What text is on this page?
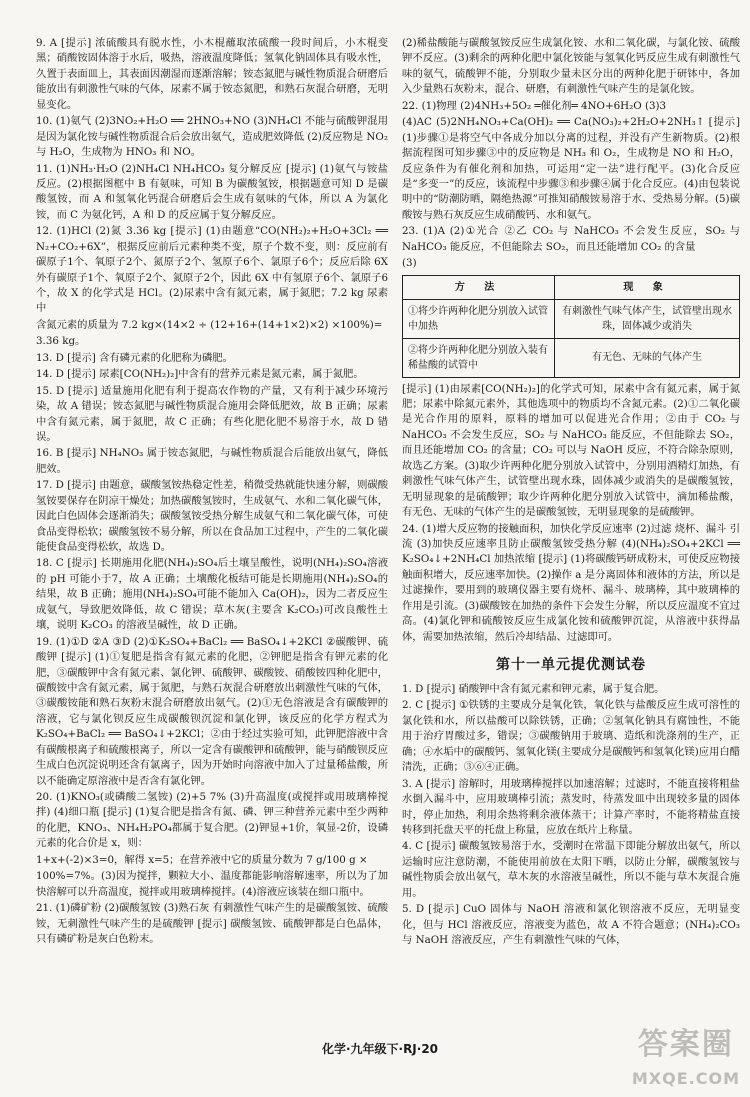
9. A [提示] 浓硫酸具有脱水性，小木棍蘸取浓硫酸一段时间后，小木棍变黑；硝酸铵固体溶于水后，吸热，溶液温度降低；氢氧化钠固体具有吸水性，久置于表面皿上，其表面因潮湿而逐渐溶解；铵态氮肥与碱性物质混合研磨后能放出有刺激性气味的气体，尿素不属于铵态氮肥，和熟石灰混合研磨，无明显变化。

10. (1)氨气 (2)3NO₂+H₂O ══ 2HNO₃+NO (3)NH₄Cl 不能与硫酸钾混用是因为氯化铵与碱性物质混合后会放出氨气，造成肥效降低 (2)反应物是 NO₂ 与 H₂O，生成物为 HNO₃ 和 NO。

11. (1)NH₃·H₂O (2)NH₄Cl NH₄HCO₃ 复分解反应 [提示] (1)氨气与铵盐反应。(2)根据图框中 B 有氨味，可知 B 为碳酸氢铵，根据题意可知 D 是碳酸氢铵，而 A 和氢氧化钙混合研磨后会生成有氨味的气体，所以 A 为氯化铵，而 C 为氨化钙，A 和 D 的反应属于复分解反应。

12. (1)HCl (2)氮 3.36 kg [提示] (1)由题意“CO(NH₂)₂+H₂O+3Cl₂ ══ N₂+CO₂+6X”，根据反应前后元素种类不变，原子个数不变，则：反应前有碳原子1个、氧原子2个、氮原子2个、氢原子6个、氯原子6个；反应后除 6X 外有碳原子1个、氧原子2个、氮原子2个，因此 6X 中有氢原子6个、氯原子6个，故 X 的化学式是 HCl。(2)尿素中含有氮元素，属于氮肥；7.2 kg 尿素中

含氮元素的质量为 7.2 kg×(14×2 ÷ (12+16+(14+1×2)×2) ×100%)=

3.36 kg。

13. D [提示] 含有磷元素的化肥称为磷肥。

14. D [提示] 尿素[CO(NH₂)₂]中含有的营养元素是氮元素，属于氮肥。

15. D [提示] 适量施用化肥有利于提高农作物的产量，又有利于减少环境污染，故 A 错误；铵态氮肥与碱性物质混合施用会降低肥效，故 B 正确；尿素中含有氮元素，属于氮肥，故 C 正确；有些化肥化肥不易溶于水，故 D 错误。

16. B [提示] NH₄NO₃ 属于铵态氮肥，与碱性物质混合后能放出氨气，降低肥效。

17. D [提示] 由题意，碳酸氢铵热稳定性差，稍微受热就能快速分解，则碳酸氢铵要保存在阴凉干燥处；加热碳酸氢铵时，生成氨气、水和二氧化碳气体，因此白色固体会逐渐消失；碳酸氢铵受热分解生成氨气和二氧化碳气体，可使食品变得松软；碳酸氢铵不易分解，所以在食品加工过程中，产生的二氧化碳能使食品变得松软，故选 D。

18. C [提示] 长期施用化肥(NH₄)₂SO₄后土壤呈酸性，说明(NH₄)₂SO₄溶液的 pH 可能小于7，故 A 正确；土壤酸化板结可能是长期施用(NH₄)₂SO₄的结果，故 B 正确；施用(NH₄)₂SO₄可能不能加入 Ca(OH)₂，因为二者反应生成氨气，导致肥效降低，故 C 错误；草木灰(主要含 K₂CO₃)可改良酸性土壤，说明 K₂CO₃ 的溶液呈碱性，故 D 正确。

19. (1)①D ②A ③D (2)①K₂SO₄+BaCl₂ ══ BaSO₄↓+2KCl ②碳酸钾、硫酸钾 [提示] (1)①复肥是指含有氮元素的化肥，②钾肥是指含有钾元素的化肥，③碳酸钾中含有氮元素、氯化钾、硫酸钾、碳酸铵、硝酸铵四种化肥中，碳酸铵中含有氮元素，属于氮肥，与熟石灰混合研磨放出刺激性气味的气体，③碳酸铵能和熟石灰粉末混合研磨放出氨气。(2)①无色溶液是含有碳酸钾的溶液，它与氯化钡反应生成碳酸钡沉淀和氯化钾，该反应的化学方程式为 K₂SO₄+BaCl₂ ══ BaSO₄↓+2KCl；②由于经过实验可知，此钾肥溶液中含有碳酸根离子和硫酸根离子，所以一定含有碳酸钾和硫酸钾，能与硝酸钡反应生成白色沉淀说明还含有氯离子，因为开始时向溶液中加入了过量稀盐酸，所以不能确定原溶液中是否含有氯化钾。

20. (1)KNO₃(或磷酸二氢铵) (2)+5 7% (3)升高温度(或搅拌或用玻璃棒搅拌) (4)细口瓶 [提示] (1)复合肥是指含有氮、磷、钾三种营养元素中至少两种的化肥，KNO₃、NH₄H₂PO₄都属于复合肥。(2)钾显+1价，氧显-2价，设磷元素的化合价是 x，则：

1+x+(-2)×3=0，解得 x=5；在营养液中它的质量分数为 7 g/100 g ×

100%=7%。(3)因为搅拌，颗粒大小、温度都能影响溶解速率，所以为了加快溶解可以升高温度，搅拌或用玻璃棒搅拌。(4)溶液应该装在细口瓶中。

21. (1)磷矿粉 (2)碳酸氢铵 (3)熟石灰 有刺激性气味产生的是碳酸氢铵、硫酸铵，无刺激性气味产生的是硫酸钾 [提示] 碳酸氢铵、硫酸钾都是白色晶体，只有磷矿粉是灰白色粉末。

(2)稀盐酸能与碳酸氢铵反应生成氯化铵、水和二氧化碳，与氯化铵、硫酸钾不反应。(3)剩余的两种化肥中氯化铵能与氢氧化钙反应生成有刺激性气味的氨气，硫酸钾不能，分别取少量未区分出的两种化肥于研钵中，各加入少量熟石灰粉末，混合、研磨，有刺激性气味产生的是氯化铵。

22. (1)物理 (2)4NH₃+5O₂ ═催化剂═ 4NO+6H₂O (3)3

(4)AC (5)2NH₄NO₃+Ca(OH)₂ ══ Ca(NO₃)₂+2H₂O+2NH₃↑ [提示] (1)步骤①是将空气中各成分加以分离的过程，并没有产生新物质。(2)根据流程图可知步骤③中的反应物是 NH₃ 和 O₂，生成物是 NO 和 H₂O，反应条件为有催化剂和加热，可运用“定一法”进行配平。(3)化合反应是“多变一”的反应，该流程中步骤③和步骤④属于化合反应。(4)由包装说明中的“防潮防晒，隔绝热源”可推知硝酸铵易溶于水、受热易分解。(5)碳酸铵与熟石灰反应生成硝酸钙、水和氨气。

23. (1)A (2)①光合 ②乙 CO₂ 与 NaHCO₃ 不会发生反应，SO₂ 与 NaHCO₃ 能反应，不但能除去 SO₂，而且还能增加 CO₂ 的含量

(3)

方 法	现 象
①将少许两种化肥分别放入试管中加热	有刺激性气味气体产生，试管壁出现水珠，固体减少或消失
②将少许两种化肥分别放入装有稀盐酸的试管中	有无色、无味的气体产生

[提示] (1)由尿素[CO(NH₂)₂]的化学式可知，尿素中含有氮元素，属于氮肥；尿素中除氮元素外，其他选项中的物质均不含氮元素。(2)①二氧化碳是光合作用的原料，原料的增加可以促进光合作用；②由于 CO₂ 与 NaHCO₃ 不会发生反应，SO₂ 与 NaHCO₃ 能反应，不但能除去 SO₂，而且还能增加 CO₂ 的含量；CO₂ 可以与 NaOH 反应，不符合除杂原则，故选乙方案。(3)取少许两种化肥分别放入试管中，分别用酒精灯加热，有刺激性气味气体产生，试管壁出现水珠，固体减少或消失的是碳酸氢铵，无明显现象的是硫酸钾；取少许两种化肥分别放入试管中，滴加稀盐酸，有无色、无味的气体产生的是碳酸氢铵，无明显现象的是硫酸钾。

24. (1)增大反应物的接触面积，加快化学反应速率 (2)过滤 烧杯、漏斗 引流 (3)加快反应速率且防止碳酸氢铵受热分解 (4)(NH₄)₂SO₄+2KCl ══ K₂SO₄↓+2NH₄Cl 加热浓缩 [提示] (1)将碳酸钙研成粉末，可使反应物接触面积增大，反应速率加快。(2)操作 a 是分离固体和液体的方法，所以是过滤操作，要用到的玻璃仪器主要有烧杯、漏斗、玻璃棒，其中玻璃棒的作用是引流。(3)碳酸铵在加热的条件下会发生分解，所以反应温度不宜过高。(4)氯化钾和硫酸铵反应生成氯化铵和硫酸钾沉淀，从溶液中获得晶体，需要加热浓缩，然后冷却结晶、过滤即可。

第十一单元提优测试卷

1. D [提示] 硝酸钾中含有氮元素和钾元素，属于复合肥。

2. C [提示] ①铁锈的主要成分是氧化铁，氧化铁与盐酸反应生成可溶性的氯化铁和水，所以盐酸可以除铁锈，正确；②氢氧化钠具有腐蚀性，不能用于治疗胃酸过多，错误；③碳酸钠用于玻璃、造纸和洗涤剂的生产，正确；④水垢中的碳酸钙、氢氧化镁(主要成分是碳酸钙和氢氧化镁)应用白醋清洗，正确；③⑥④正确。

3. A [提示] 溶解时，用玻璃棒搅拌以加速溶解；过滤时，不能直接将粗盐水倒入漏斗中，应用玻璃棒引流；蒸发时，待蒸发皿中出现较多量的固体时，停止加热，利用余热将剩余液体蒸干；计算产率时，不能将精盐直接转移到托盘天平的托盘上称量，应放在纸片上称量。

4. C [提示] 碳酸氢铵易溶于水，受潮时在常温下即能分解放出氨气，所以运输时应注意防潮，不能使用前放在太阳下晒，以防止分解，碳酸氢铵与碱性物质会放出氨气，草木灰的水溶液呈碱性，所以不能与草木灰混合施用。

5. D [提示] CuO 固体与 NaOH 溶液和氯化钡溶液不反应，无明显变化，但与 HCl 溶液反应，溶液变为蓝色，故 A 不符合题意；(NH₄)₂CO₃ 与 NaOH 溶液反应，产生有刺激性气味的气体，

化学·九年级下·RJ·20	答案圈
MXQE.COM
